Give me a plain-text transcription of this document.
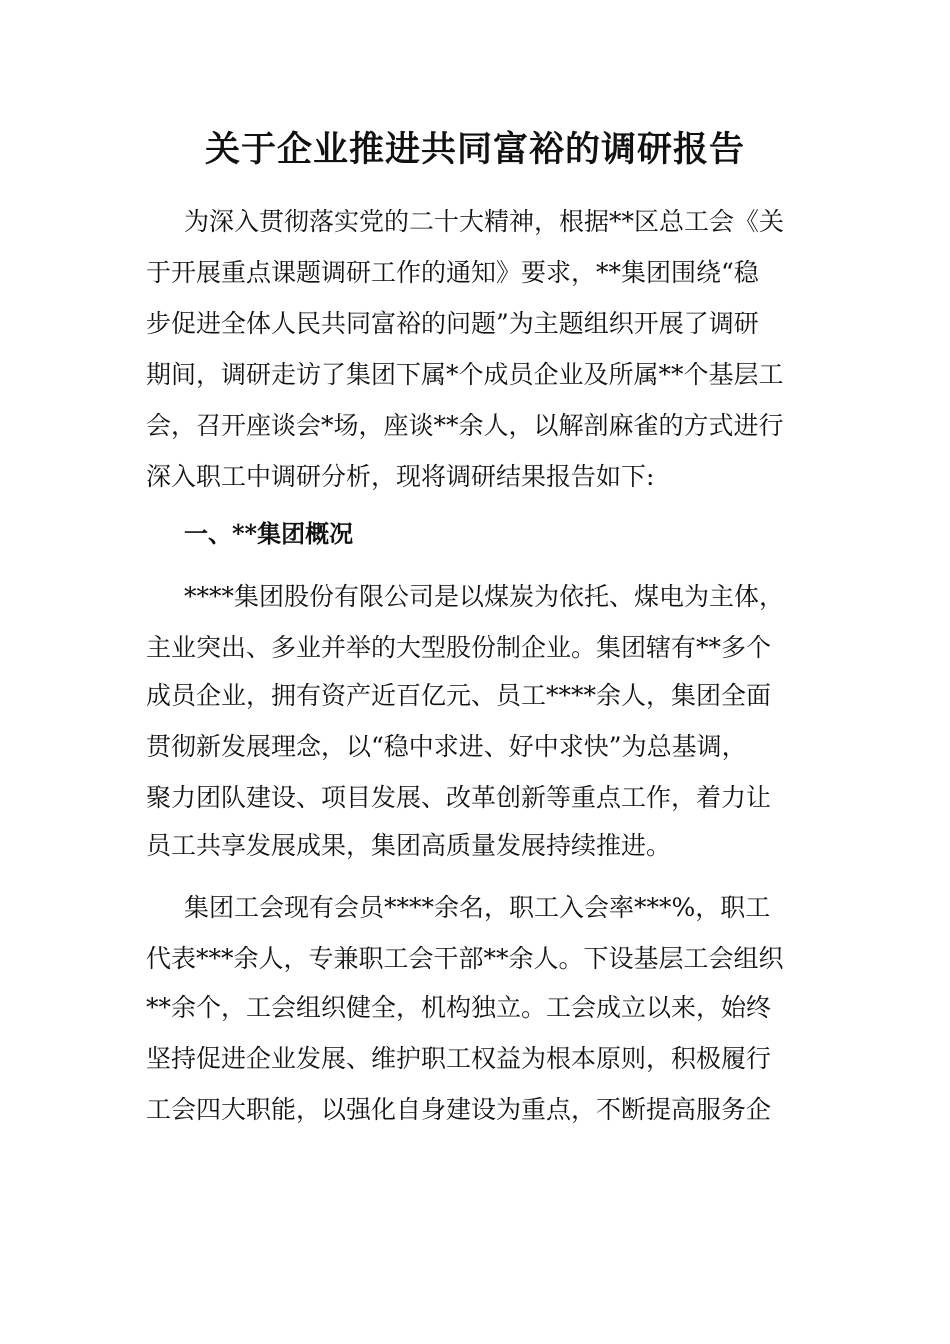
关于企业推进共同富裕的调研报告
为深入贯彻落实党的二十大精神，根据**区总工会《关
于开展重点课题调研工作的通知》要求，**集团围绕“稳
步促进全体人民共同富裕的问题”为主题组织开展了调研
期间，调研走访了集团下属*个成员企业及所属**个基层工
会，召开座谈会*场，座谈**余人，以解剖麻雀的方式进行
深入职工中调研分析，现将调研结果报告如下:
一、**集团概况
****集团股份有限公司是以煤炭为依托、煤电为主体，
主业突出、多业并举的大型股份制企业。集团辖有**多个
成员企业，拥有资产近百亿元、员工****余人，集团全面
贯彻新发展理念，以“稳中求进、好中求快”为总基调，
聚力团队建设、项目发展、改革创新等重点工作，着力让
员工共享发展成果，集团高质量发展持续推进。
集团工会现有会员****余名，职工入会率***%，职工
代表***余人，专兼职工会干部**余人。下设基层工会组织
**余个，工会组织健全，机构独立。工会成立以来，始终
坚持促进企业发展、维护职工权益为根本原则，积极履行
工会四大职能，以强化自身建设为重点，不断提高服务企
